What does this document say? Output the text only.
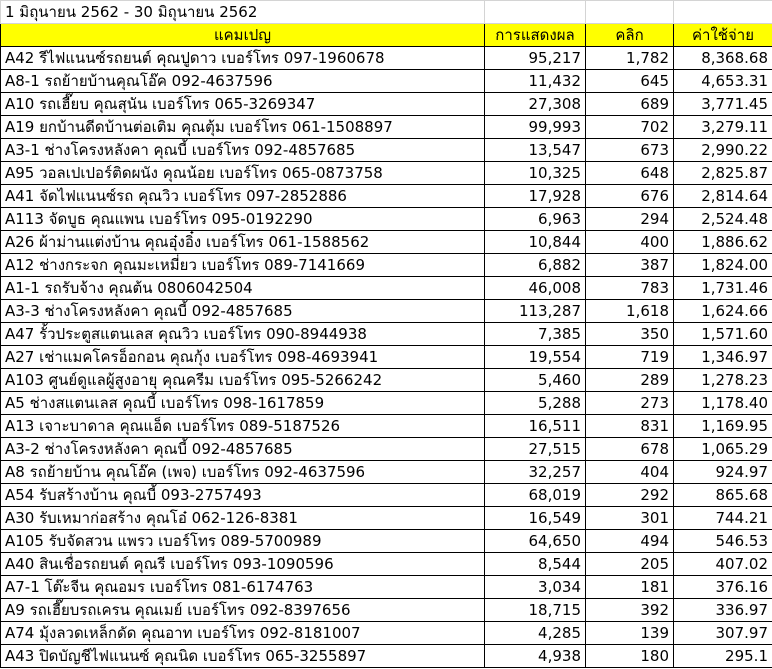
1 มิถุนายน 2562 - 30 มิถุนายน 2562			
แคมเปญ	การแสดงผล	คลิก	ค่าใช้จ่าย
A42 รีไฟแนนซ์รถยนต์ คุณปูดาว เบอร์โทร 097-1960678	95,217	1,782	8,368.68
A8-1 รถย้ายบ้านคุณโอ๊ค 092-4637596	11,432	645	4,653.31
A10 รถเฮี๊ยบ คุณสุนัน เบอร์โทร 065-3269347	27,308	689	3,771.45
A19 ยกบ้านดีดบ้านต่อเติม คุณตุ้ม เบอร์โทร 061-1508897	99,993	702	3,279.11
A3-1 ช่างโครงหลังคา คุณบี้ เบอร์โทร 092-4857685	13,547	673	2,990.22
A95 วอลเปเปอร์ติดผนัง คุณน้อย เบอร์โทร 065-0873758	10,325	648	2,825.87
A41 จัดไฟแนนซ์รถ คุณวิว เบอร์โทร 097-2852886	17,928	676	2,814.64
A113 จัดบูธ คุณแพน เบอร์โทร 095-0192290	6,963	294	2,524.48
A26 ผ้าม่านแต่งบ้าน คุณอุ๋งอิ๋ง เบอร์โทร 061-1588562	10,844	400	1,886.62
A12 ช่างกระจก คุณมะเหมี่ยว เบอร์โทร 089-7141669	6,882	387	1,824.00
A1-1 รถรับจ้าง คุณต้น 0806042504	46,008	783	1,731.46
A3-3 ช่างโครงหลังคา คุณบี้ 092-4857685	113,287	1,618	1,624.66
A47 รั้วประตูสแตนเลส คุณวิว เบอร์โทร 090-8944938	7,385	350	1,571.60
A27 เช่าแมคโครอ็อกอน คุณกุ้ง เบอร์โทร 098-4693941	19,554	719	1,346.97
A103 ศูนย์ดูแลผู้สูงอายุ คุณครีม เบอร์โทร 095-5266242	5,460	289	1,278.23
A5 ช่างสแตนเลส คุณบี้ เบอร์โทร 098-1617859	5,288	273	1,178.40
A13 เจาะบาดาล คุณแอ็ด เบอร์โทร 089-5187526	16,511	831	1,169.95
A3-2 ช่างโครงหลังคา คุณบี้ 092-4857685	27,515	678	1,065.29
A8 รถย้ายบ้าน คุณโอ๊ค (เพจ) เบอร์โทร 092-4637596	32,257	404	924.97
A54 รับสร้างบ้าน คุณบี้ 093-2757493	68,019	292	865.68
A30 รับเหมาก่อสร้าง คุณโอ๋ 062-126-8381	16,549	301	744.21
A105 รับจัดสวน แพรว เบอร์โทร 089-5700989	64,650	494	546.53
A40 สินเชื่อรถยนต์ คุณรี เบอร์โทร 093-1090596	8,544	205	407.02
A7-1 โต๊ะจีน คุณอมร เบอร์โทร 081-6174763	3,034	181	376.16
A9 รถเฮี๊ยบรถเครน คุณเมย์ เบอร์โทร 092-8397656	18,715	392	336.97
A74 มุ้งลวดเหล็กดัด คุณอาท เบอร์โทร 092-8181007	4,285	139	307.97
A43 ปิดบัญชีไฟแนนซ์ คุณนิด เบอร์โทร 065-3255897	4,938	180	295.1
